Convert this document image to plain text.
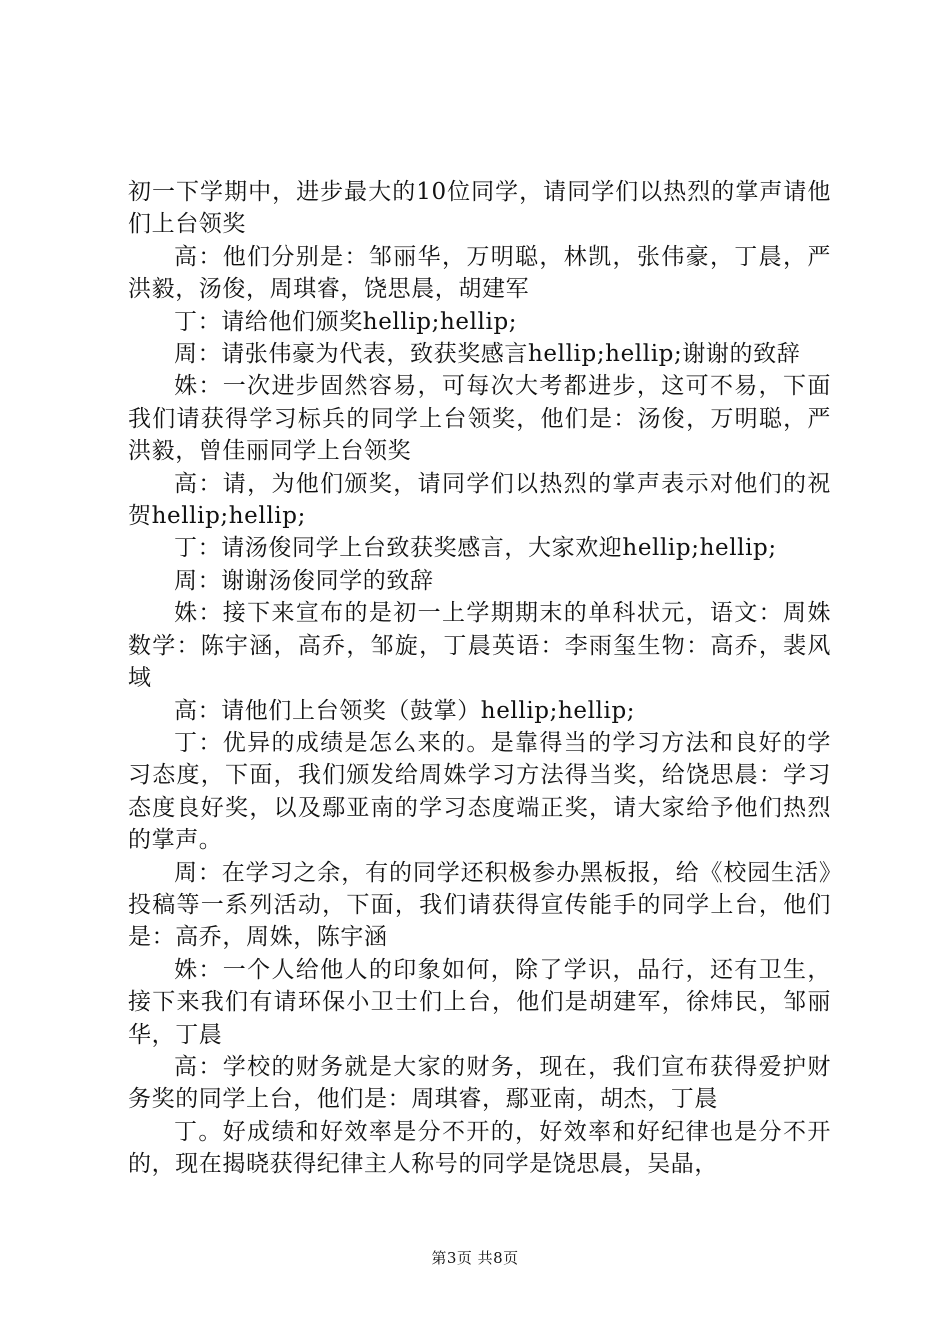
初一下学期中，进步最大的10位同学，请同学们以热烈的掌声请他们上台领奖

高：他们分别是：邹丽华，万明聪，林凯，张伟豪，丁晨，严洪毅，汤俊，周琪睿，饶思晨，胡建军

丁：请给他们颁奖hellip;hellip;

周：请张伟豪为代表，致获奖感言hellip;hellip;谢谢的致辞

姝：一次进步固然容易，可每次大考都进步，这可不易，下面我们请获得学习标兵的同学上台领奖，他们是：汤俊，万明聪，严洪毅，曾佳丽同学上台领奖

高：请，为他们颁奖，请同学们以热烈的掌声表示对他们的祝贺hellip;hellip;

丁：请汤俊同学上台致获奖感言，大家欢迎hellip;hellip;

周：谢谢汤俊同学的致辞

姝：接下来宣布的是初一上学期期末的单科状元，语文：周姝数学：陈宇涵，高乔，邹旋，丁晨英语：李雨玺生物：高乔，裴风域

高：请他们上台领奖（鼓掌）hellip;hellip;

丁：优异的成绩是怎么来的。是靠得当的学习方法和良好的学习态度，下面，我们颁发给周姝学习方法得当奖，给饶思晨：学习态度良好奖，以及鄢亚南的学习态度端正奖，请大家给予他们热烈的掌声。

周：在学习之余，有的同学还积极参办黑板报，给《校园生活》投稿等一系列活动，下面，我们请获得宣传能手的同学上台，他们是：高乔，周姝，陈宇涵

姝：一个人给他人的印象如何，除了学识，品行，还有卫生，接下来我们有请环保小卫士们上台，他们是胡建军，徐炜民，邹丽华，丁晨

高：学校的财务就是大家的财务，现在，我们宣布获得爱护财务奖的同学上台，他们是：周琪睿，鄢亚南，胡杰，丁晨

丁。好成绩和好效率是分不开的，好效率和好纪律也是分不开的，现在揭晓获得纪律主人称号的同学是饶思晨，吴晶，

第3页 共8页
